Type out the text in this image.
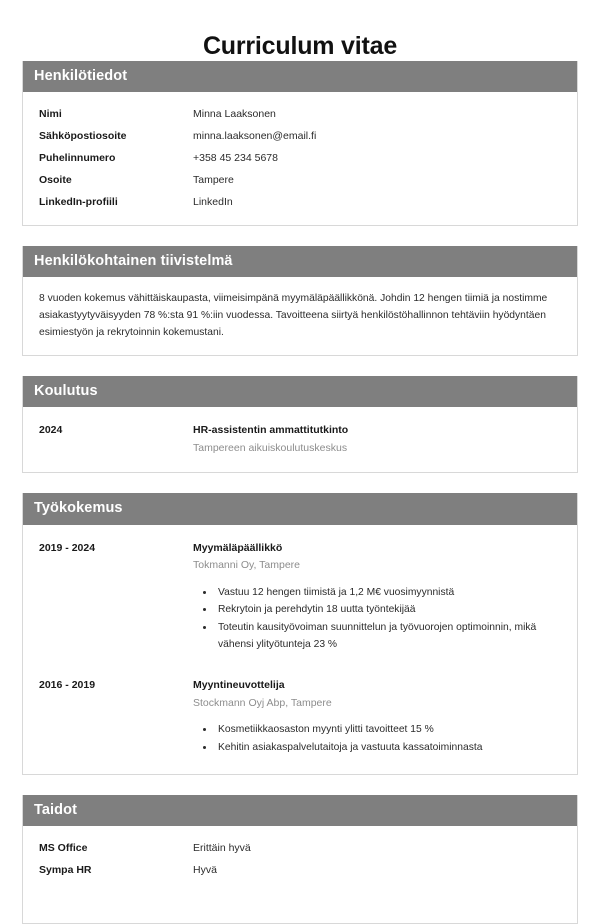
Curriculum vitae
Henkilötiedot
Nimi	Minna Laaksonen
Sähköpostiosoite	minna.laaksonen@email.fi
Puhelinnumero	+358 45 234 5678
Osoite	Tampere
LinkedIn-profiili	LinkedIn
Henkilökohtainen tiivistelmä

8 vuoden kokemus vähittäiskaupasta, viimeisimpänä myymäläpäällikkönä. Johdin 12 hengen tiimiä ja nostimme asiakastyytyväisyyden 78 %:sta 91 %:iin vuodessa. Tavoitteena siirtyä henkilöstöhallinnon tehtäviin hyödyntäen esimiestyön ja rekrytoinnin kokemustani.

Koulutus
2024	HR-assistentin ammattitutkinto
Tampereen aikuiskoulutuskeskus
Työkokemus
2019 - 2024	Myymäläpäällikkö
Tokmanni Oy, Tampere
• Vastuu 12 hengen tiimistä ja 1,2 M€ vuosimyynnistä
• Rekrytoin ja perehdytin 18 uutta työntekijää
• Toteutin kausityövoiman suunnittelun ja työvuorojen optimoinnin, mikä vähensi ylityötunteja 23 %
2016 - 2019	Myyntineuvottelija
Stockmann Oyj Abp, Tampere
• Kosmetiikkaosaston myynti ylitti tavoitteet 15 %
• Kehitin asiakaspalvelutaitoja ja vastuuta kassatoiminnasta
Taidot
MS Office	Erittäin hyvä
Sympa HR	Hyvä
